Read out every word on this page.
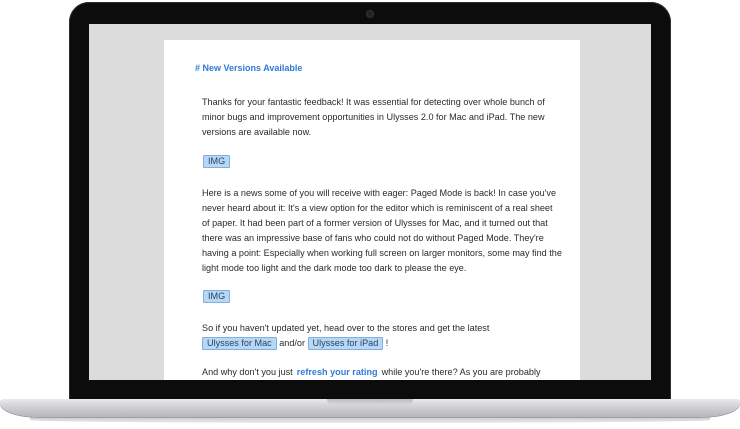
# New Versions Available

Thanks for your fantastic feedback! It was essential for detecting over whole bunch of minor bugs and improvement opportunities in Ulysses 2.0 for Mac and iPad. The new versions are available now.

IMG

Here is a news some of you will receive with eager: Paged Mode is back! In case you've never heard about it: It's a view option for the editor which is reminiscent of a real sheet of paper. It had been part of a former version of Ulysses for Mac, and it turned out that there was an impressive base of fans who could not do without Paged Mode. They're having a point: Especially when working full screen on larger monitors, some may find the light mode too light and the dark mode too dark to please the eye.

IMG

So if you haven't updated yet, head over to the stores and get the latest Ulysses for Mac and/or Ulysses for iPad !

And why don't you just refresh your rating while you're there? As you are probably
